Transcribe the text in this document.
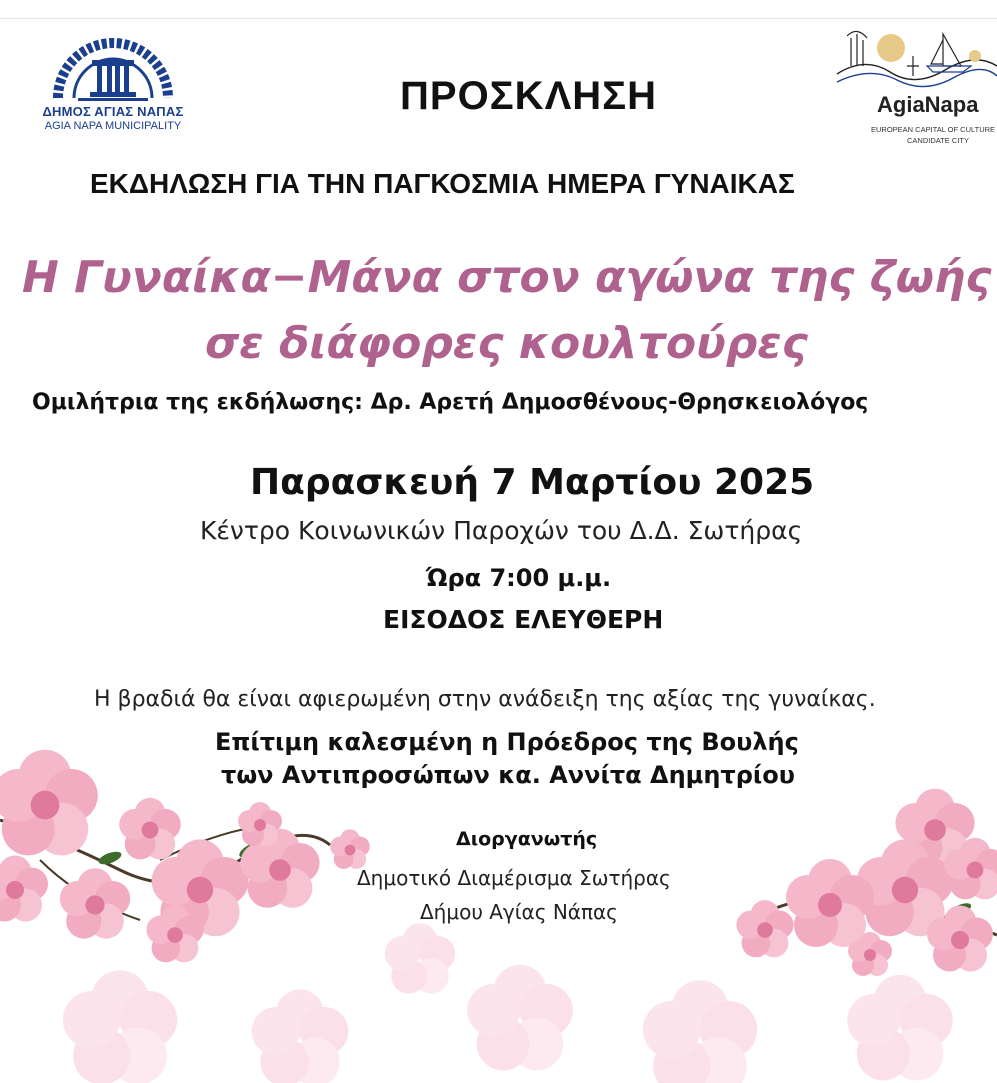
ΔΗΜΟΣ ΑΓΙΑΣ ΝΑΠΑΣ
AGIA NAPA MUNICIPALITY
AgiaNapa
EUROPEAN CAPITAL OF CULTURE
CANDIDATE CITY
ΠΡΟΣΚΛΗΣΗ
ΕΚΔΗΛΩΣΗ ΓΙΑ ΤΗΝ ΠΑΓΚΟΣΜΙΑ ΗΜΕΡΑ ΓΥΝΑΙΚΑΣ
Η Γυναίκα−Μάνα στον αγώνα της ζωής
σε διάφορες κουλτούρες
Ομιλήτρια της εκδήλωσης: Δρ. Αρετή Δημοσθένους-Θρησκειολόγος
Παρασκευή 7 Μαρτίου 2025
Κέντρο Κοινωνικών Παροχών του Δ.Δ. Σωτήρας
Ώρα 7:00 μ.μ.
ΕΙΣΟΔΟΣ ΕΛΕΥΘΕΡΗ
Η βραδιά θα είναι αφιερωμένη στην ανάδειξη της αξίας της γυναίκας.
Επίτιμη καλεσμένη η Πρόεδρος της Βουλής
των Αντιπροσώπων κα. Αννίτα Δημητρίου
Διοργανωτής
Δημοτικό Διαμέρισμα Σωτήρας
Δήμου Αγίας Νάπας
